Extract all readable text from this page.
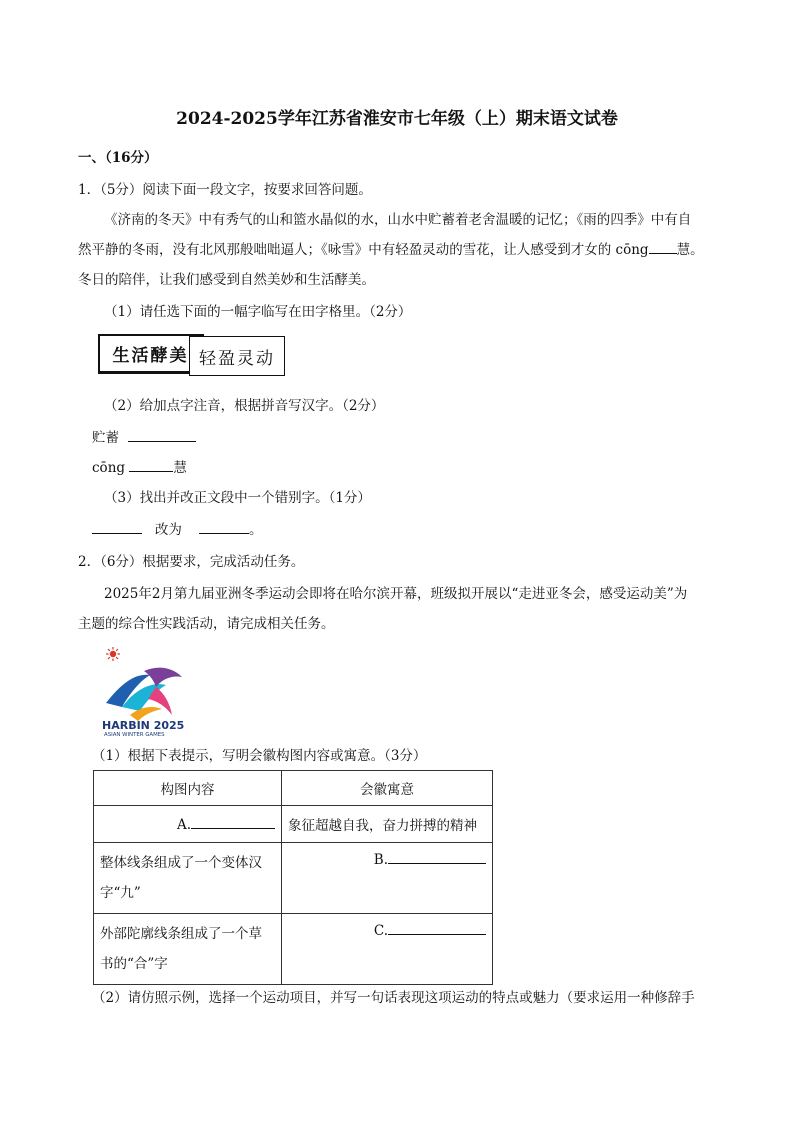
2024-2025学年江苏省淮安市七年级（上）期末语文试卷
一、（16分）
1．（5分）阅读下面一段文字，按要求回答问题。
《济南的冬天》中有秀气的山和篮水晶似的水，山水中贮蓄着老舍温暖的记忆；《雨的四季》中有自
然平静的冬雨，没有北风那般咄咄逼人；《咏雪》中有轻盈灵动的雪花，让人感受到才女的 cōng 慧。
冬日的陪伴，让我们感受到自然美妙和生活酵美。
（1）请任选下面的一幅字临写在田字格里。（2分）
生活酵美 轻盈灵动
（2）给加点字注音，根据拼音写汉字。（2分）
贮蓄
cōng	慧
（3）找出并改正文段中一个错别字。（1分）
改为	。
2．（6分）根据要求，完成活动任务。
2025年2月第九届亚洲冬季运动会即将在哈尔滨开幕，班级拟开展以“走进亚冬会，感受运动美”为
主题的综合性实践活动，请完成相关任务。
HARBIN 2025
ASIAN WINTER GAMES
（1）根据下表提示，写明会徽构图内容或寓意。（3分）
构图内容	会徽寓意
A.	象征超越自我，奋力拼搏的精神
整体线条组成了一个变体汉字“九”	B.
外部陀廓线条组成了一个草书的“合”字	C.
（2）请仿照示例，选择一个运动项目，并写一句话表现这项运动的特点或魅力（要求运用一种修辞手
